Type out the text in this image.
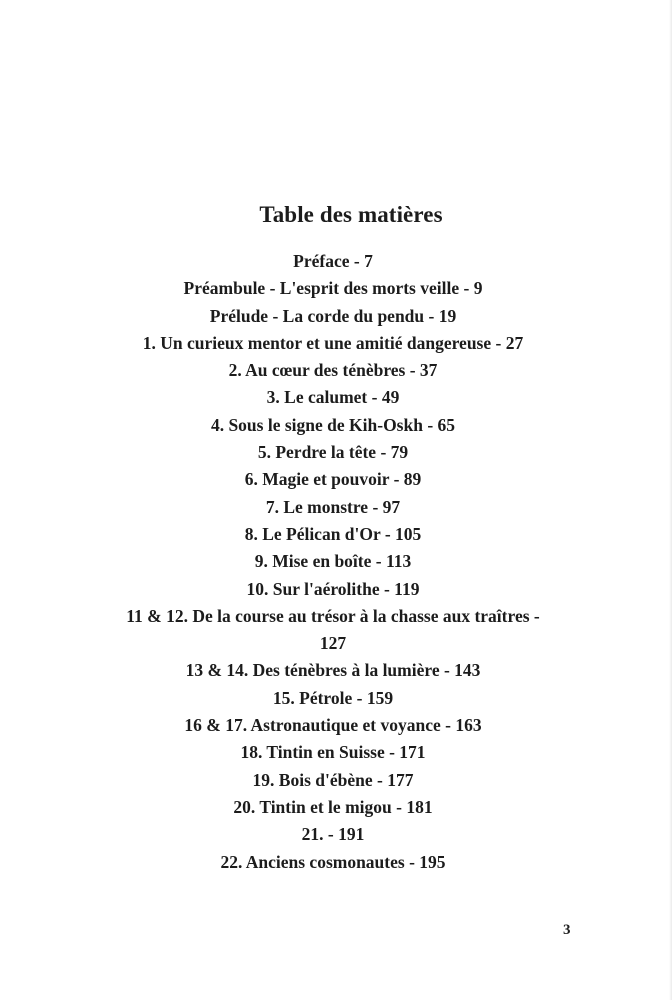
Table des matières
Préface - 7
Préambule - L'esprit des morts veille - 9
Prélude - La corde du pendu - 19
1. Un curieux mentor et une amitié dangereuse - 27
2. Au cœur des ténèbres - 37
3. Le calumet - 49
4. Sous le signe de Kih-Oskh - 65
5. Perdre la tête - 79
6. Magie et pouvoir - 89
7. Le monstre - 97
8. Le Pélican d'Or - 105
9. Mise en boîte - 113
10. Sur l'aérolithe - 119
11 & 12. De la course au trésor à la chasse aux traîtres - 127
13 & 14. Des ténèbres à la lumière - 143
15. Pétrole - 159
16 & 17. Astronautique et voyance - 163
18. Tintin en Suisse - 171
19. Bois d'ébène - 177
20. Tintin et le migou - 181
21. - 191
22. Anciens cosmonautes - 195
3
